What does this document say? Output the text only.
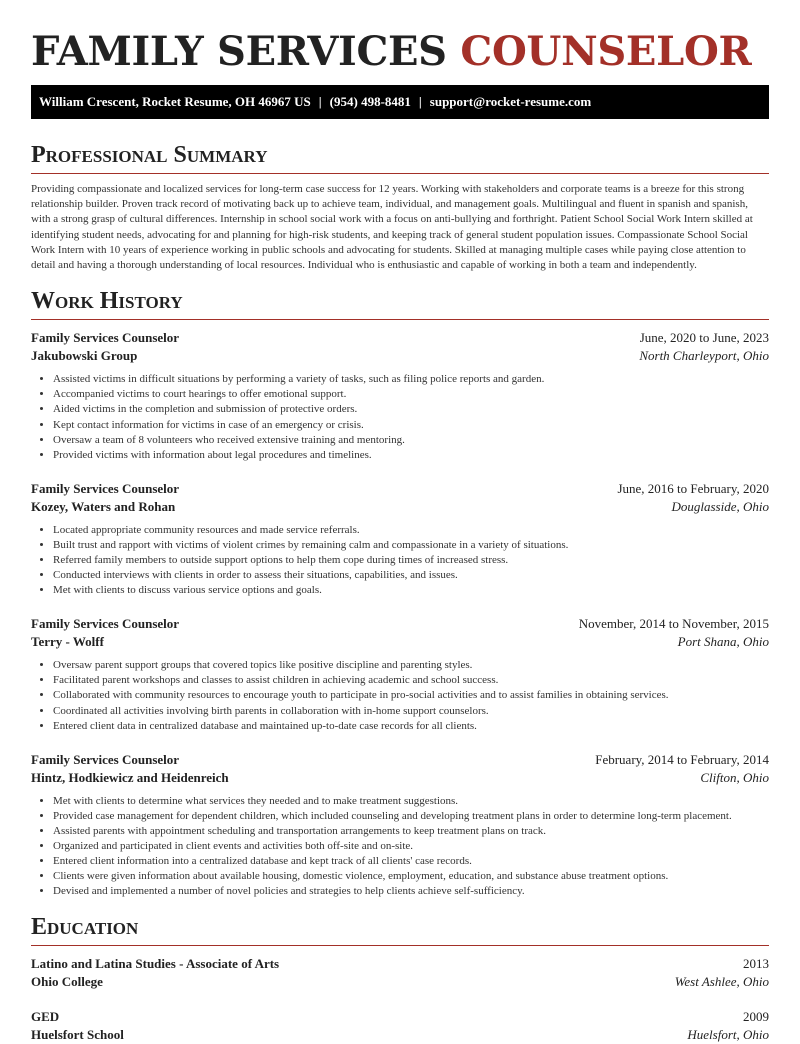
FAMILY SERVICES COUNSELOR
William Crescent, Rocket Resume, OH 46967 US | (954) 498-8481 | support@rocket-resume.com
Professional Summary

Providing compassionate and localized services for long-term case success for 12 years. Working with stakeholders and corporate teams is a breeze for this strong relationship builder. Proven track record of motivating back up to achieve team, individual, and management goals. Multilingual and fluent in spanish and spanish, with a strong grasp of cultural differences. Internship in school social work with a focus on anti-bullying and forthright. Patient School Social Work Intern skilled at identifying student needs, advocating for and planning for high-risk students, and keeping track of general student population issues. Compassionate School Social Work Intern with 10 years of experience working in public schools and advocating for students. Skilled at managing multiple cases while paying close attention to detail and having a thorough understanding of local resources. Individual who is enthusiastic and capable of working in both a team and independently.

Work History
Family Services Counselor	June, 2020 to June, 2023
Jakubowski Group	North Charleyport, Ohio
• Assisted victims in difficult situations by performing a variety of tasks, such as filing police reports and garden.
• Accompanied victims to court hearings to offer emotional support.
• Aided victims in the completion and submission of protective orders.
• Kept contact information for victims in case of an emergency or crisis.
• Oversaw a team of 8 volunteers who received extensive training and mentoring.
• Provided victims with information about legal procedures and timelines.
Family Services Counselor	June, 2016 to February, 2020
Kozey, Waters and Rohan	Douglasside, Ohio
• Located appropriate community resources and made service referrals.
• Built trust and rapport with victims of violent crimes by remaining calm and compassionate in a variety of situations.
• Referred family members to outside support options to help them cope during times of increased stress.
• Conducted interviews with clients in order to assess their situations, capabilities, and issues.
• Met with clients to discuss various service options and goals.
Family Services Counselor	November, 2014 to November, 2015
Terry - Wolff	Port Shana, Ohio
• Oversaw parent support groups that covered topics like positive discipline and parenting styles.
• Facilitated parent workshops and classes to assist children in achieving academic and school success.
• Collaborated with community resources to encourage youth to participate in pro-social activities and to assist families in obtaining services.
• Coordinated all activities involving birth parents in collaboration with in-home support counselors.
• Entered client data in centralized database and maintained up-to-date case records for all clients.
Family Services Counselor	February, 2014 to February, 2014
Hintz, Hodkiewicz and Heidenreich	Clifton, Ohio
• Met with clients to determine what services they needed and to make treatment suggestions.
• Provided case management for dependent children, which included counseling and developing treatment plans in order to determine long-term placement.
• Assisted parents with appointment scheduling and transportation arrangements to keep treatment plans on track.
• Organized and participated in client events and activities both off-site and on-site.
• Entered client information into a centralized database and kept track of all clients' case records.
• Clients were given information about available housing, domestic violence, employment, education, and substance abuse treatment options.
• Devised and implemented a number of novel policies and strategies to help clients achieve self-sufficiency.
Education
Latino and Latina Studies - Associate of Arts	2013
Ohio College	West Ashlee, Ohio
GED	2009
Huelsfort School	Huelsfort, Ohio
